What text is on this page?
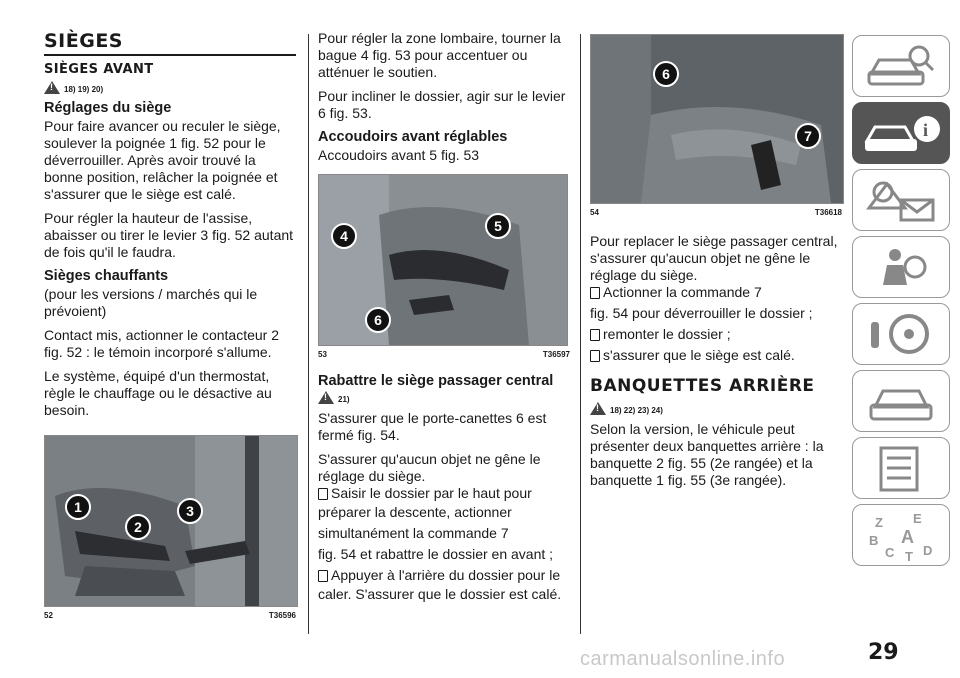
SIÈGES
SIÈGES AVANT
!
18) 19) 20)
Réglages du siège

Pour faire avancer ou reculer le siège, soulever la poignée 1 fig. 52 pour le déverrouiller. Après avoir trouvé la bonne position, relâcher la poignée et s'assurer que le siège est calé.

Pour régler la hauteur de l'assise, abaisser ou tirer le levier 3 fig. 52 autant de fois qu'il le faudra.

Sièges chauffants

(pour les versions / marchés qui le prévoient)

Contact mis, actionner le contacteur 2 fig. 52 : le témoin incorporé s'allume.

Le système, équipé d'un thermostat, règle le chauffage ou le désactive au besoin.

1
2
3
52	T36596

Pour régler la zone lombaire, tourner la bague 4 fig. 53 pour accentuer ou atténuer le soutien.

Pour incliner le dossier, agir sur le levier 6 fig. 53.

Accoudoirs avant réglables

Accoudoirs avant 5 fig. 53

4
5
6
53	T36597
Rabattre le siège passager central
!
21)

S'assurer que le porte-canettes 6 est fermé fig. 54.

S'assurer qu'aucun objet ne gêne le réglage du siège.

Saisir le dossier par le haut pour

préparer la descente, actionner

simultanément la commande 7

fig. 54 et rabattre le dossier en avant ;

Appuyer à l'arrière du dossier pour le

caler. S'assurer que le dossier est calé.

6
7
54	T36618

Pour replacer le siège passager central, s'assurer qu'aucun objet ne gêne le réglage du siège.

Actionner la commande 7

fig. 54 pour déverrouiller le dossier ;

remonter le dossier ;
s'assurer que le siège est calé.
BANQUETTES ARRIÈRE
!
18) 22) 23) 24)

Selon la version, le véhicule peut présenter deux banquettes arrière : la banquette 2 fig. 55 (2e rangée) et la banquette 1 fig. 55 (3e rangée).

i
Z E
B A
C T D
carmanualsonline.info	29
